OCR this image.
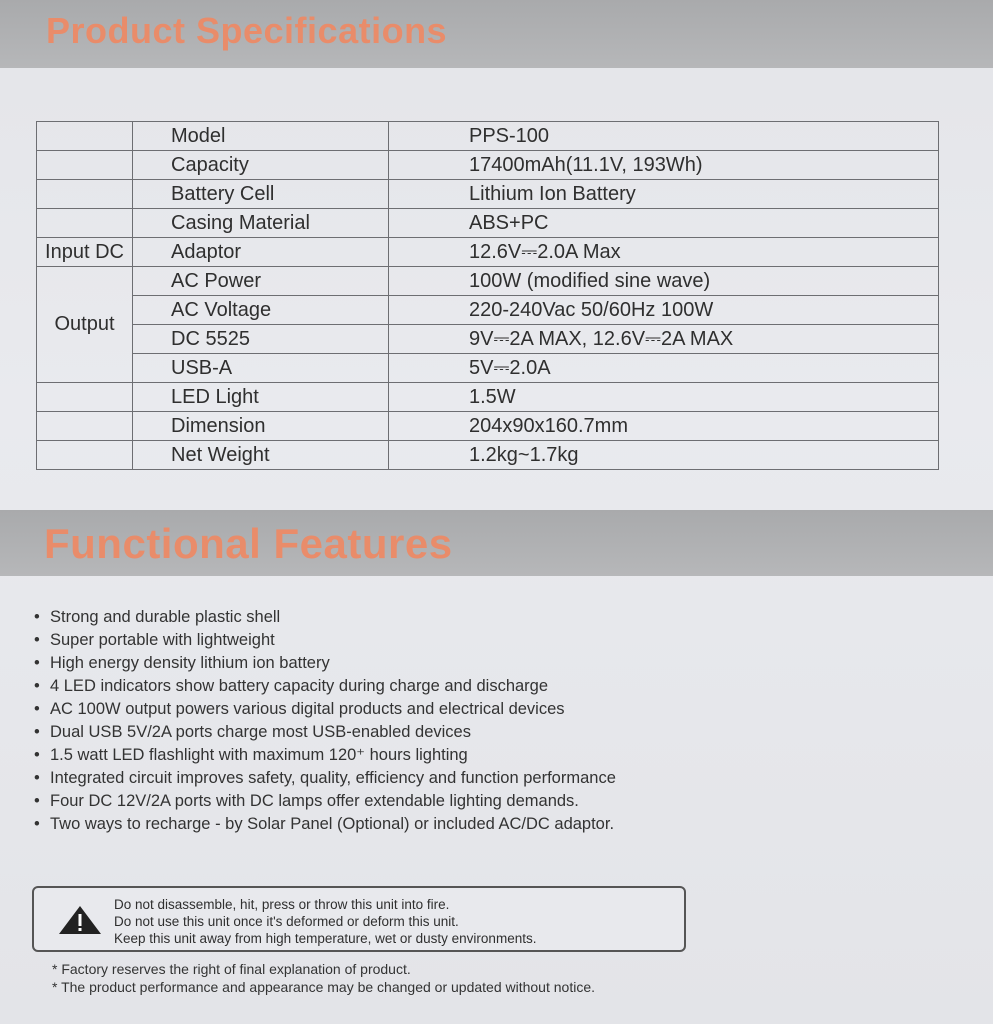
Product Specifications
	Model	PPS-100
	Capacity	17400mAh(11.1V, 193Wh)
	Battery Cell	Lithium Ion Battery
	Casing Material	ABS+PC
Input DC	Adaptor	12.6V⎓2.0A Max
Output	AC Power	100W (modified sine wave)
	AC Voltage	220-240Vac 50/60Hz 100W
	DC 5525	9V⎓2A MAX, 12.6V⎓2A MAX
	USB-A	5V⎓2.0A
	LED Light	1.5W
	Dimension	204x90x160.7mm
	Net Weight	1.2kg~1.7kg
Functional Features
• Strong and durable plastic shell
• Super portable with lightweight
• High energy density lithium ion battery
• 4 LED indicators show battery capacity during charge and discharge
• AC 100W output powers various digital products and electrical devices
• Dual USB 5V/2A ports charge most USB-enabled devices
• 1.5 watt LED flashlight with maximum 120⁺ hours lighting
• Integrated circuit improves safety, quality, efficiency and function performance
• Four DC 12V/2A ports with DC lamps offer extendable lighting demands.
• Two ways to recharge - by Solar Panel (Optional) or included AC/DC adaptor.
Do not disassemble, hit, press or throw this unit into fire.
Do not use this unit once it's deformed or deform this unit.
Keep this unit away from high temperature, wet or dusty environments.
* Factory reserves the right of final explanation of product.
* The product performance and appearance may be changed or updated without notice.
